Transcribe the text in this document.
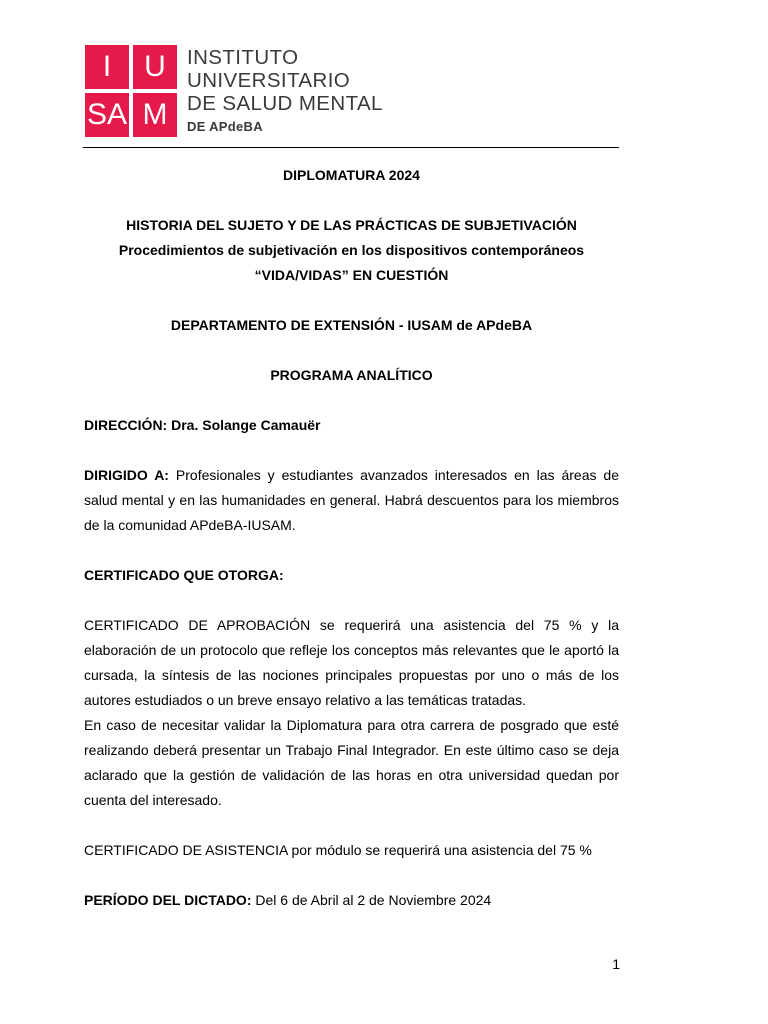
I	U
SA M
INSTITUTO
UNIVERSITARIO
DE SALUD MENTAL
DE APdeBA

DIPLOMATURA 2024

HISTORIA DEL SUJETO Y DE LAS PRÁCTICAS DE SUBJETIVACIÓN
Procedimientos de subjetivación en los dispositivos contemporáneos
“VIDA/VIDAS” EN CUESTIÓN

DEPARTAMENTO DE EXTENSIÓN - IUSAM de APdeBA

PROGRAMA ANALÍTICO

DIRECCIÓN: Dra. Solange Camauër

DIRIGIDO A: Profesionales y estudiantes avanzados interesados en las áreas de salud mental y en las humanidades en general. Habrá descuentos para los miembros de la comunidad APdeBA-IUSAM.

CERTIFICADO QUE OTORGA:

CERTIFICADO DE APROBACIÓN se requerirá una asistencia del 75 % y la elaboración de un protocolo que refleje los conceptos más relevantes que le aportó la cursada, la síntesis de las nociones principales propuestas por uno o más de los autores estudiados o un breve ensayo relativo a las temáticas tratadas.

En caso de necesitar validar la Diplomatura para otra carrera de posgrado que esté realizando deberá presentar un Trabajo Final Integrador. En este último caso se deja aclarado que la gestión de validación de las horas en otra universidad quedan por cuenta del interesado.

CERTIFICADO DE ASISTENCIA por módulo se requerirá una asistencia del 75 %

PERÍODO DEL DICTADO: Del 6 de Abril al 2 de Noviembre 2024

1
